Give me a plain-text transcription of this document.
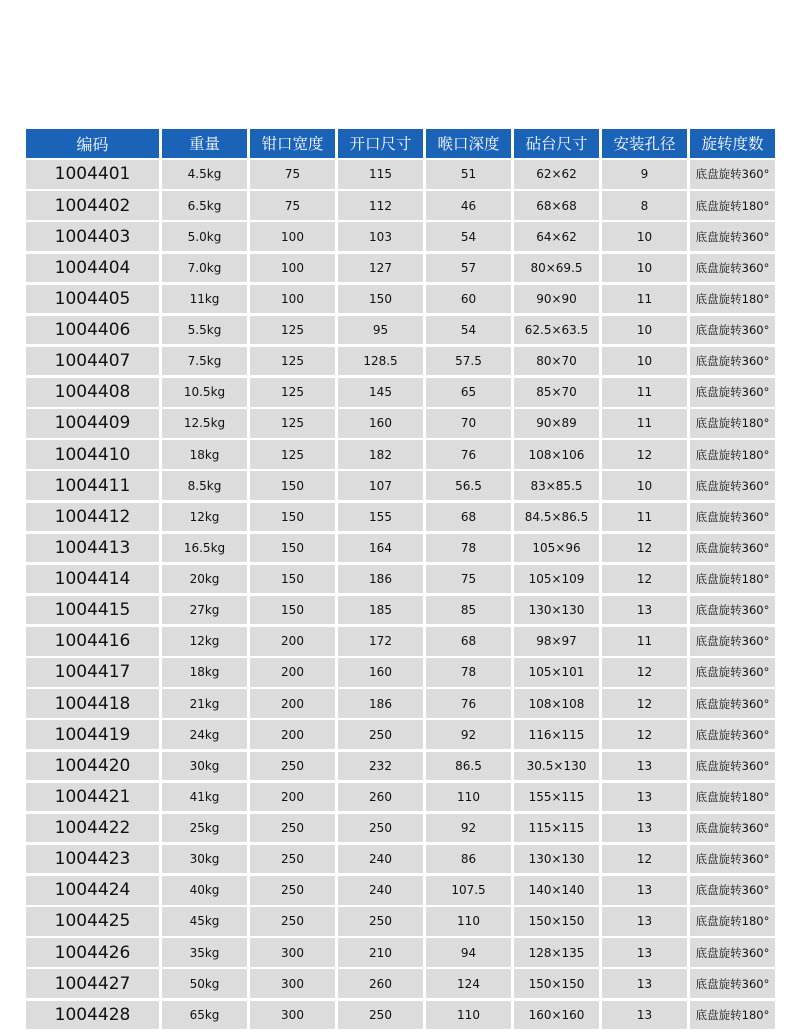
编码	重量	钳口宽度	开口尺寸	喉口深度	砧台尺寸	安装孔径	旋转度数
1004401	4.5kg	75	115	51	62×62	9	底盘旋转360°
1004402	6.5kg	75	112	46	68×68	8	底盘旋转180°
1004403	5.0kg	100	103	54	64×62	10	底盘旋转360°
1004404	7.0kg	100	127	57	80×69.5	10	底盘旋转360°
1004405	11kg	100	150	60	90×90	11	底盘旋转180°
1004406	5.5kg	125	95	54	62.5×63.5	10	底盘旋转360°
1004407	7.5kg	125	128.5	57.5	80×70	10	底盘旋转360°
1004408	10.5kg	125	145	65	85×70	11	底盘旋转360°
1004409	12.5kg	125	160	70	90×89	11	底盘旋转180°
1004410	18kg	125	182	76	108×106	12	底盘旋转180°
1004411	8.5kg	150	107	56.5	83×85.5	10	底盘旋转360°
1004412	12kg	150	155	68	84.5×86.5	11	底盘旋转360°
1004413	16.5kg	150	164	78	105×96	12	底盘旋转360°
1004414	20kg	150	186	75	105×109	12	底盘旋转180°
1004415	27kg	150	185	85	130×130	13	底盘旋转360°
1004416	12kg	200	172	68	98×97	11	底盘旋转360°
1004417	18kg	200	160	78	105×101	12	底盘旋转360°
1004418	21kg	200	186	76	108×108	12	底盘旋转360°
1004419	24kg	200	250	92	116×115	12	底盘旋转360°
1004420	30kg	250	232	86.5	30.5×130	13	底盘旋转360°
1004421	41kg	200	260	110	155×115	13	底盘旋转180°
1004422	25kg	250	250	92	115×115	13	底盘旋转360°
1004423	30kg	250	240	86	130×130	12	底盘旋转360°
1004424	40kg	250	240	107.5	140×140	13	底盘旋转360°
1004425	45kg	250	250	110	150×150	13	底盘旋转180°
1004426	35kg	300	210	94	128×135	13	底盘旋转360°
1004427	50kg	300	260	124	150×150	13	底盘旋转360°
1004428	65kg	300	250	110	160×160	13	底盘旋转180°
